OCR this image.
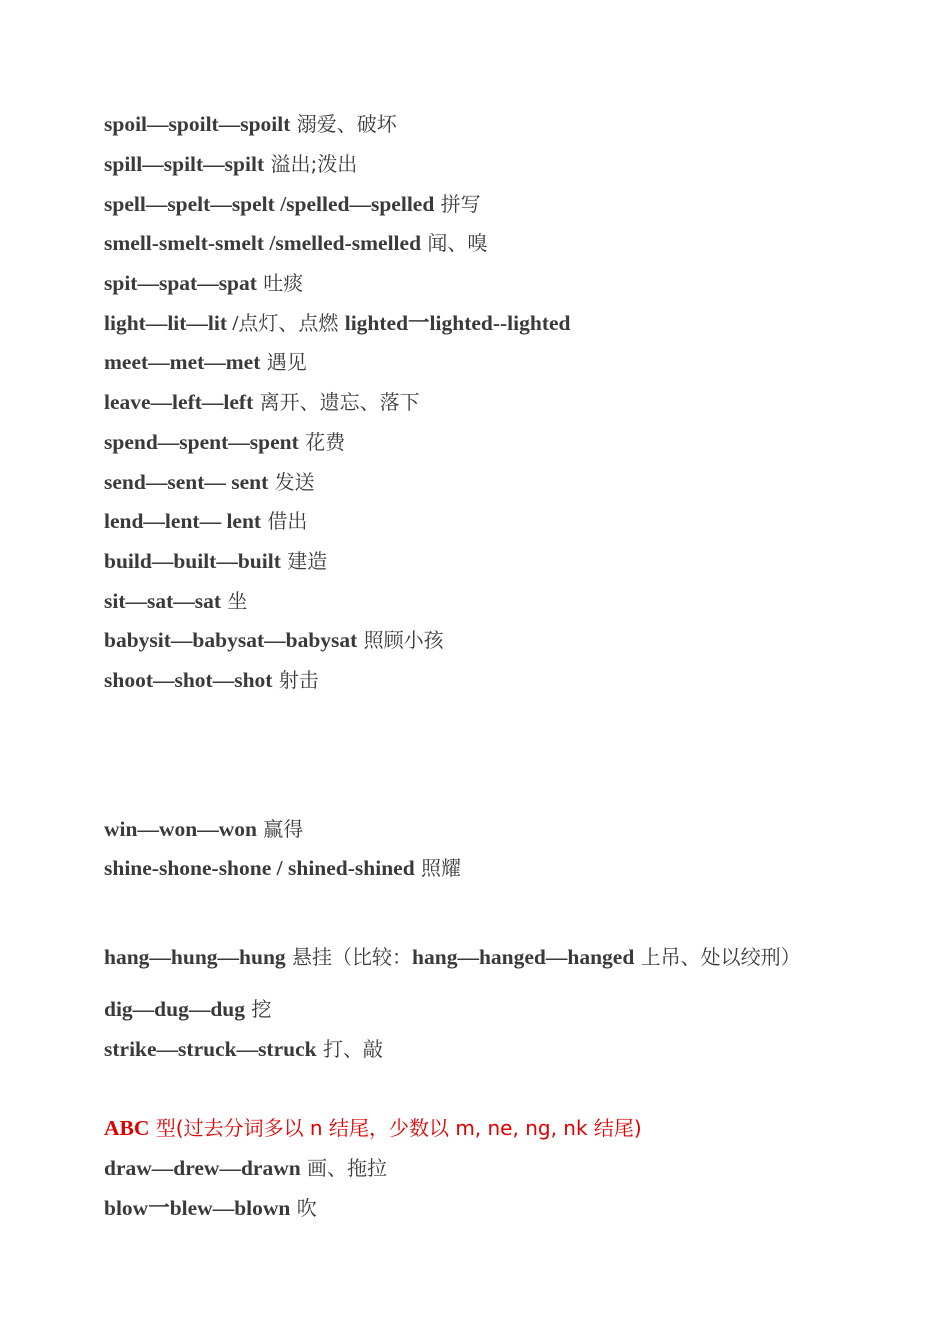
spoil—spoilt—spoilt 溺爱、破坏
spill—spilt—spilt 溢出;泼出
spell—spelt—spelt /spelled—spelled 拼写
smell-smelt-smelt /smelled-smelled 闻、嗅
spit—spat—spat 吐痰
light—lit—lit /点灯、点燃 lighted一lighted--lighted
meet—met—met 遇见
leave—left—left 离开、遗忘、落下
spend—spent—spent 花费
send—sent— sent 发送
lend—lent— lent 借出
build—built—built 建造
sit—sat—sat 坐
babysit—babysat—babysat 照顾小孩
shoot—shot—shot 射击
win—won—won 赢得
shine-shone-shone / shined-shined 照耀
hang—hung—hung 悬挂（比较：hang—hanged—hanged 上吊、处以绞刑）
dig—dug—dug 挖
strike—struck—struck 打、敲
ABC 型(过去分词多以 n 结尾，少数以 m, ne, ng, nk 结尾)
draw—drew—drawn 画、拖拉
blow一blew—blown 吹
